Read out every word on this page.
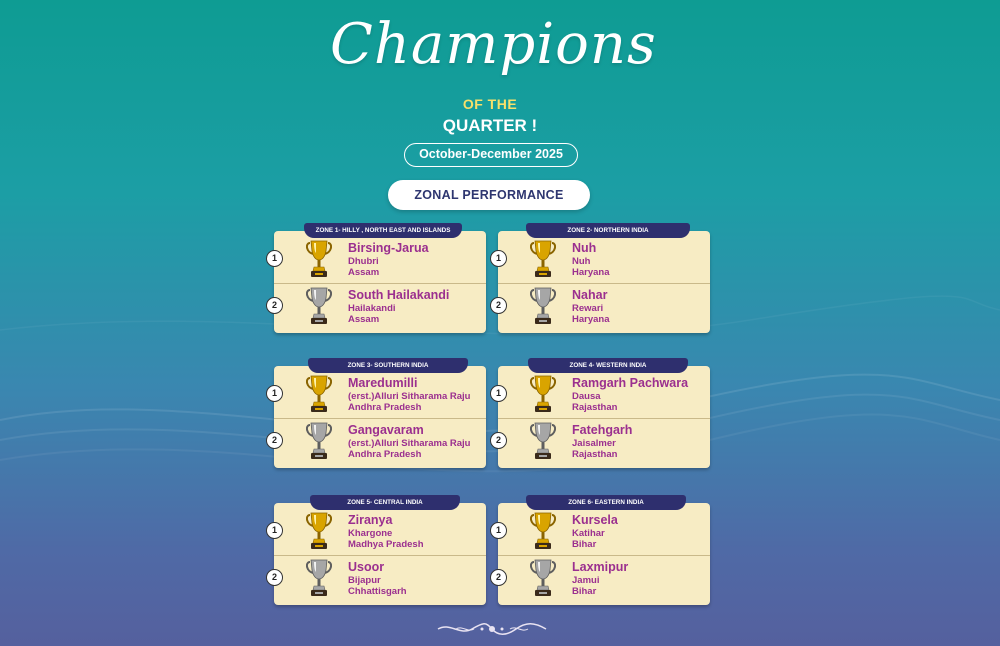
Champions
OF THE
QUARTER !
October-December 2025
ZONAL PERFORMANCE
ZONE 1- HILLY , NORTH EAST AND ISLANDS
1
Birsing-Jarua
Dhubri
Assam
2
South Hailakandi
Hailakandi
Assam
ZONE 2- NORTHERN INDIA
1
Nuh
Nuh
Haryana
2
Nahar
Rewari
Haryana
ZONE 3- SOUTHERN INDIA
1
Maredumilli
(erst.)Alluri Sitharama Raju
Andhra Pradesh
2
Gangavaram
(erst.)Alluri Sitharama Raju
Andhra Pradesh
ZONE 4- WESTERN INDIA
1
Ramgarh Pachwara
Dausa
Rajasthan
2
Fatehgarh
Jaisalmer
Rajasthan
ZONE 5- CENTRAL INDIA
1
Ziranya
Khargone
Madhya Pradesh
2
Usoor
Bijapur
Chhattisgarh
ZONE 6- EASTERN INDIA
1
Kursela
Katihar
Bihar
2
Laxmipur
Jamui
Bihar
